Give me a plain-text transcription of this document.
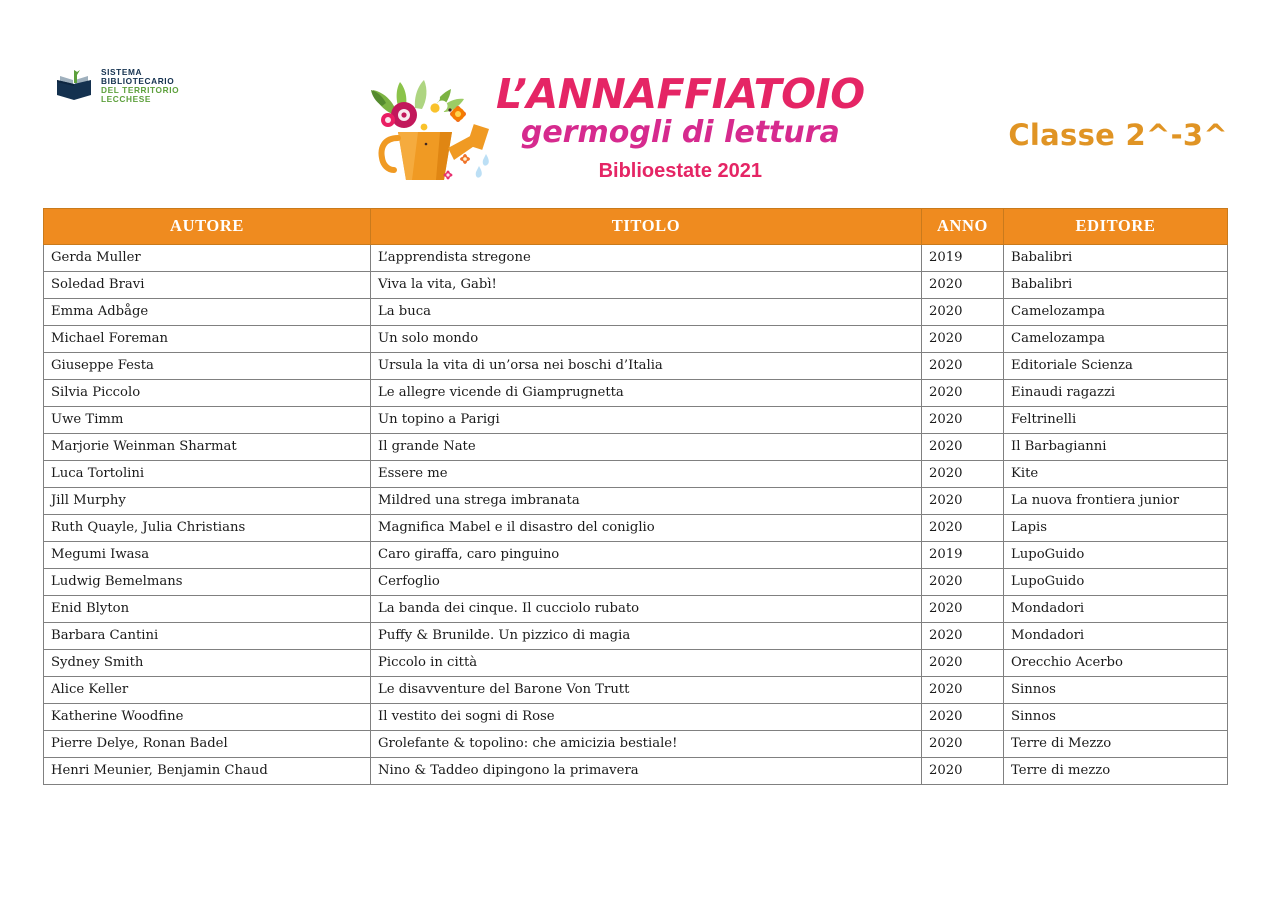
SISTEMA
BIBLIOTECARIO
DEL TERRITORIO
LECCHESE	L’ANNAFFIATOIO
germogli di lettura
Biblioestate 2021
Classe 2^-3^
AUTORE	TITOLO	ANNO	EDITORE
Gerda Muller	L’apprendista stregone	2019	Babalibri
Soledad Bravi	Viva la vita, Gabì!	2020	Babalibri
Emma Adbåge	La buca	2020	Camelozampa
Michael Foreman	Un solo mondo	2020	Camelozampa
Giuseppe Festa	Ursula la vita di un’orsa nei boschi d’Italia	2020	Editoriale Scienza
Silvia Piccolo	Le allegre vicende di Giamprugnetta	2020	Einaudi ragazzi
Uwe Timm	Un topino a Parigi	2020	Feltrinelli
Marjorie Weinman Sharmat	Il grande Nate	2020	Il Barbagianni
Luca Tortolini	Essere me	2020	Kite
Jill Murphy	Mildred una strega imbranata	2020	La nuova frontiera junior
Ruth Quayle, Julia Christians	Magnifica Mabel e il disastro del coniglio	2020	Lapis
Megumi Iwasa	Caro giraffa, caro pinguino	2019	LupoGuido
Ludwig Bemelmans	Cerfoglio	2020	LupoGuido
Enid Blyton	La banda dei cinque. Il cucciolo rubato	2020	Mondadori
Barbara Cantini	Puffy & Brunilde. Un pizzico di magia	2020	Mondadori
Sydney Smith	Piccolo in città	2020	Orecchio Acerbo
Alice Keller	Le disavventure del Barone Von Trutt	2020	Sinnos
Katherine Woodfine	Il vestito dei sogni di Rose	2020	Sinnos
Pierre Delye, Ronan Badel	Grolefante & topolino: che amicizia bestiale!	2020	Terre di Mezzo
Henri Meunier, Benjamin Chaud	Nino & Taddeo dipingono la primavera	2020	Terre di mezzo
